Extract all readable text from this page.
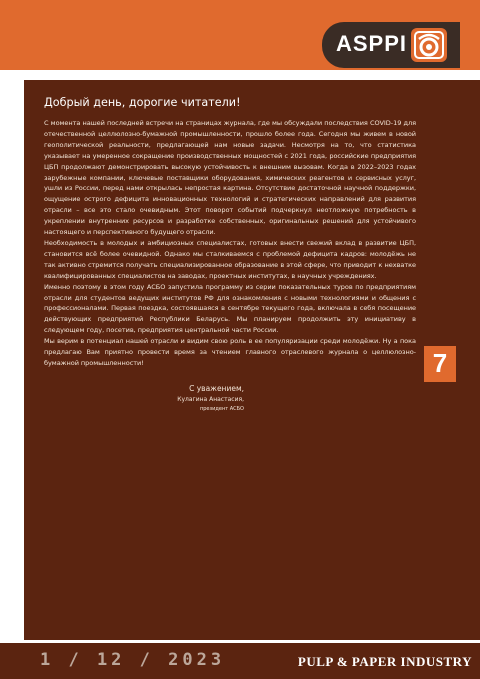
ASPPI
Добрый день, дорогие читатели!

С момента нашей последней встречи на страницах журнала, где мы обсуждали последствия COVID-19 для отечественной целлюлозно-бумажной промышленности, прошло более года. Сегодня мы живем в новой геополитической реальности, предлагающей нам новые задачи. Несмотря на то, что статистика указывает на умеренное сокращение производственных мощностей с 2021 года, российские предприятия ЦБП продолжают демонстрировать высокую устойчивость к внешним вызовам. Когда в 2022–2023 годах зарубежные компании, ключевые поставщики оборудования, химических реагентов и сервисных услуг, ушли из России, перед нами открылась непростая картина. Отсутствие достаточной научной поддержки, ощущение острого дефицита инновационных технологий и стратегических направлений для развития отрасли – все это стало очевидным. Этот поворот событий подчеркнул неотложную потребность в укреплении внутренних ресурсов и разработке собственных, оригинальных решений для устойчивого настоящего и перспективного будущего отрасли.

Необходимость в молодых и амбициозных специалистах, готовых внести свежий вклад в развитие ЦБП, становится всё более очевидной. Однако мы сталкиваемся с проблемой дефицита кадров: молодёжь не так активно стремится получать специализированное образование в этой сфере, что приводит к нехватке квалифицированных специалистов на заводах, проектных институтах, в научных учреждениях.

Именно поэтому в этом году АСБО запустила программу из серии показательных туров по предприятиям отрасли для студентов ведущих институтов РФ для ознакомления с новыми технологиями и общения с профессионалами. Первая поездка, состоявшаяся в сентябре текущего года, включала в себя посещение действующих предприятий Республики Беларусь. Мы планируем продолжить эту инициативу в следующем году, посетив, предприятия центральной части России.

Мы верим в потенциал нашей отрасли и видим свою роль в ее популяризации среди молодёжи. Ну а пока предлагаю Вам приятно провести время за чтением главного отраслевого журнала о целлюлозно-бумажной промышленности!

С уважением,
Кулагина Анастасия,
президент АСБО
7
1 / 12 / 2023	PULP & PAPER INDUSTRY
